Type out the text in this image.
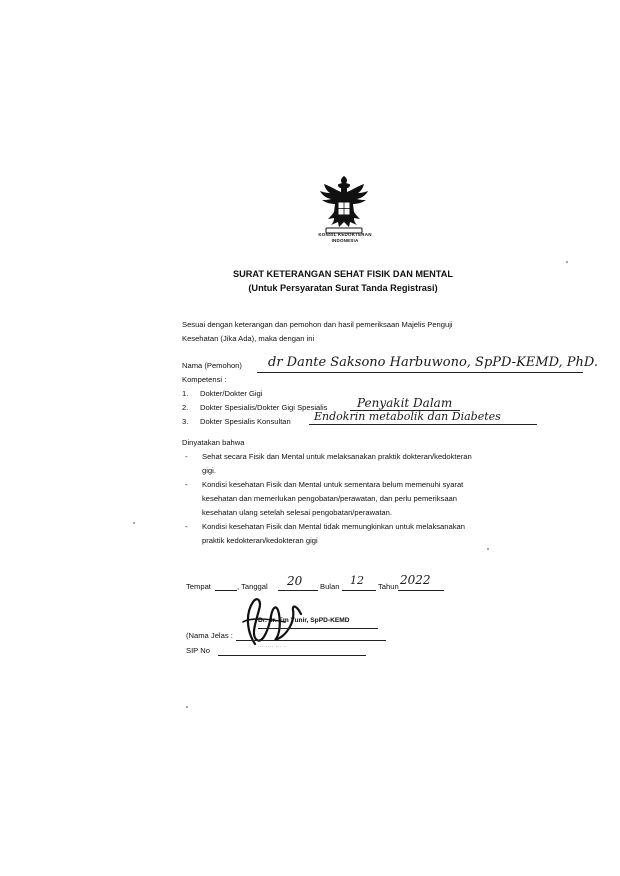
KONSIL KEDOKTERAN
INDONESIA
SURAT KETERANGAN SEHAT FISIK DAN MENTAL
(Untuk Persyaratan Surat Tanda Registrasi)
Sesuai dengan keterangan dan pemohon dan hasil pemeriksaan Majelis Penguji
Kesehatan (Jika Ada), maka dengan ini
Nama (Pemohon) dr Dante Saksono Harbuwono, SpPD-KEMD, PhD.
Kompetensi :
1. Dokter/Dokter Gigi
2. Dokter Spesialis/Dokter Gigi Spesialis Penyakit Dalam
3. Dokter Spesialis Konsultan Endokrin metabolik dan Diabetes
Dinyatakan bahwa
- Sehat secara Fisik dan Mental untuk melaksanakan praktik dokteran/kedokteran
gigi.
- Kondisi kesehatan Fisik dan Mental untuk sementara belum memenuhi syarat
kesehatan dan memerlukan pengobatan/perawatan, dan perlu pemeriksaan
kesehatan ulang setelah selesai pengobatan/perawatan.
- Kondisi kesehatan Fisik dan Mental tidak memungkinkan untuk melaksanakan
praktik kedokteran/kedokteran gigi
Tempat	, Tanggal 20 Bulan 12 Tahun 2022
Dr. dr. Em Yunir, SpPD-KEMD
(Nama Jelas :
SIP No	··· ···· ··· ··
